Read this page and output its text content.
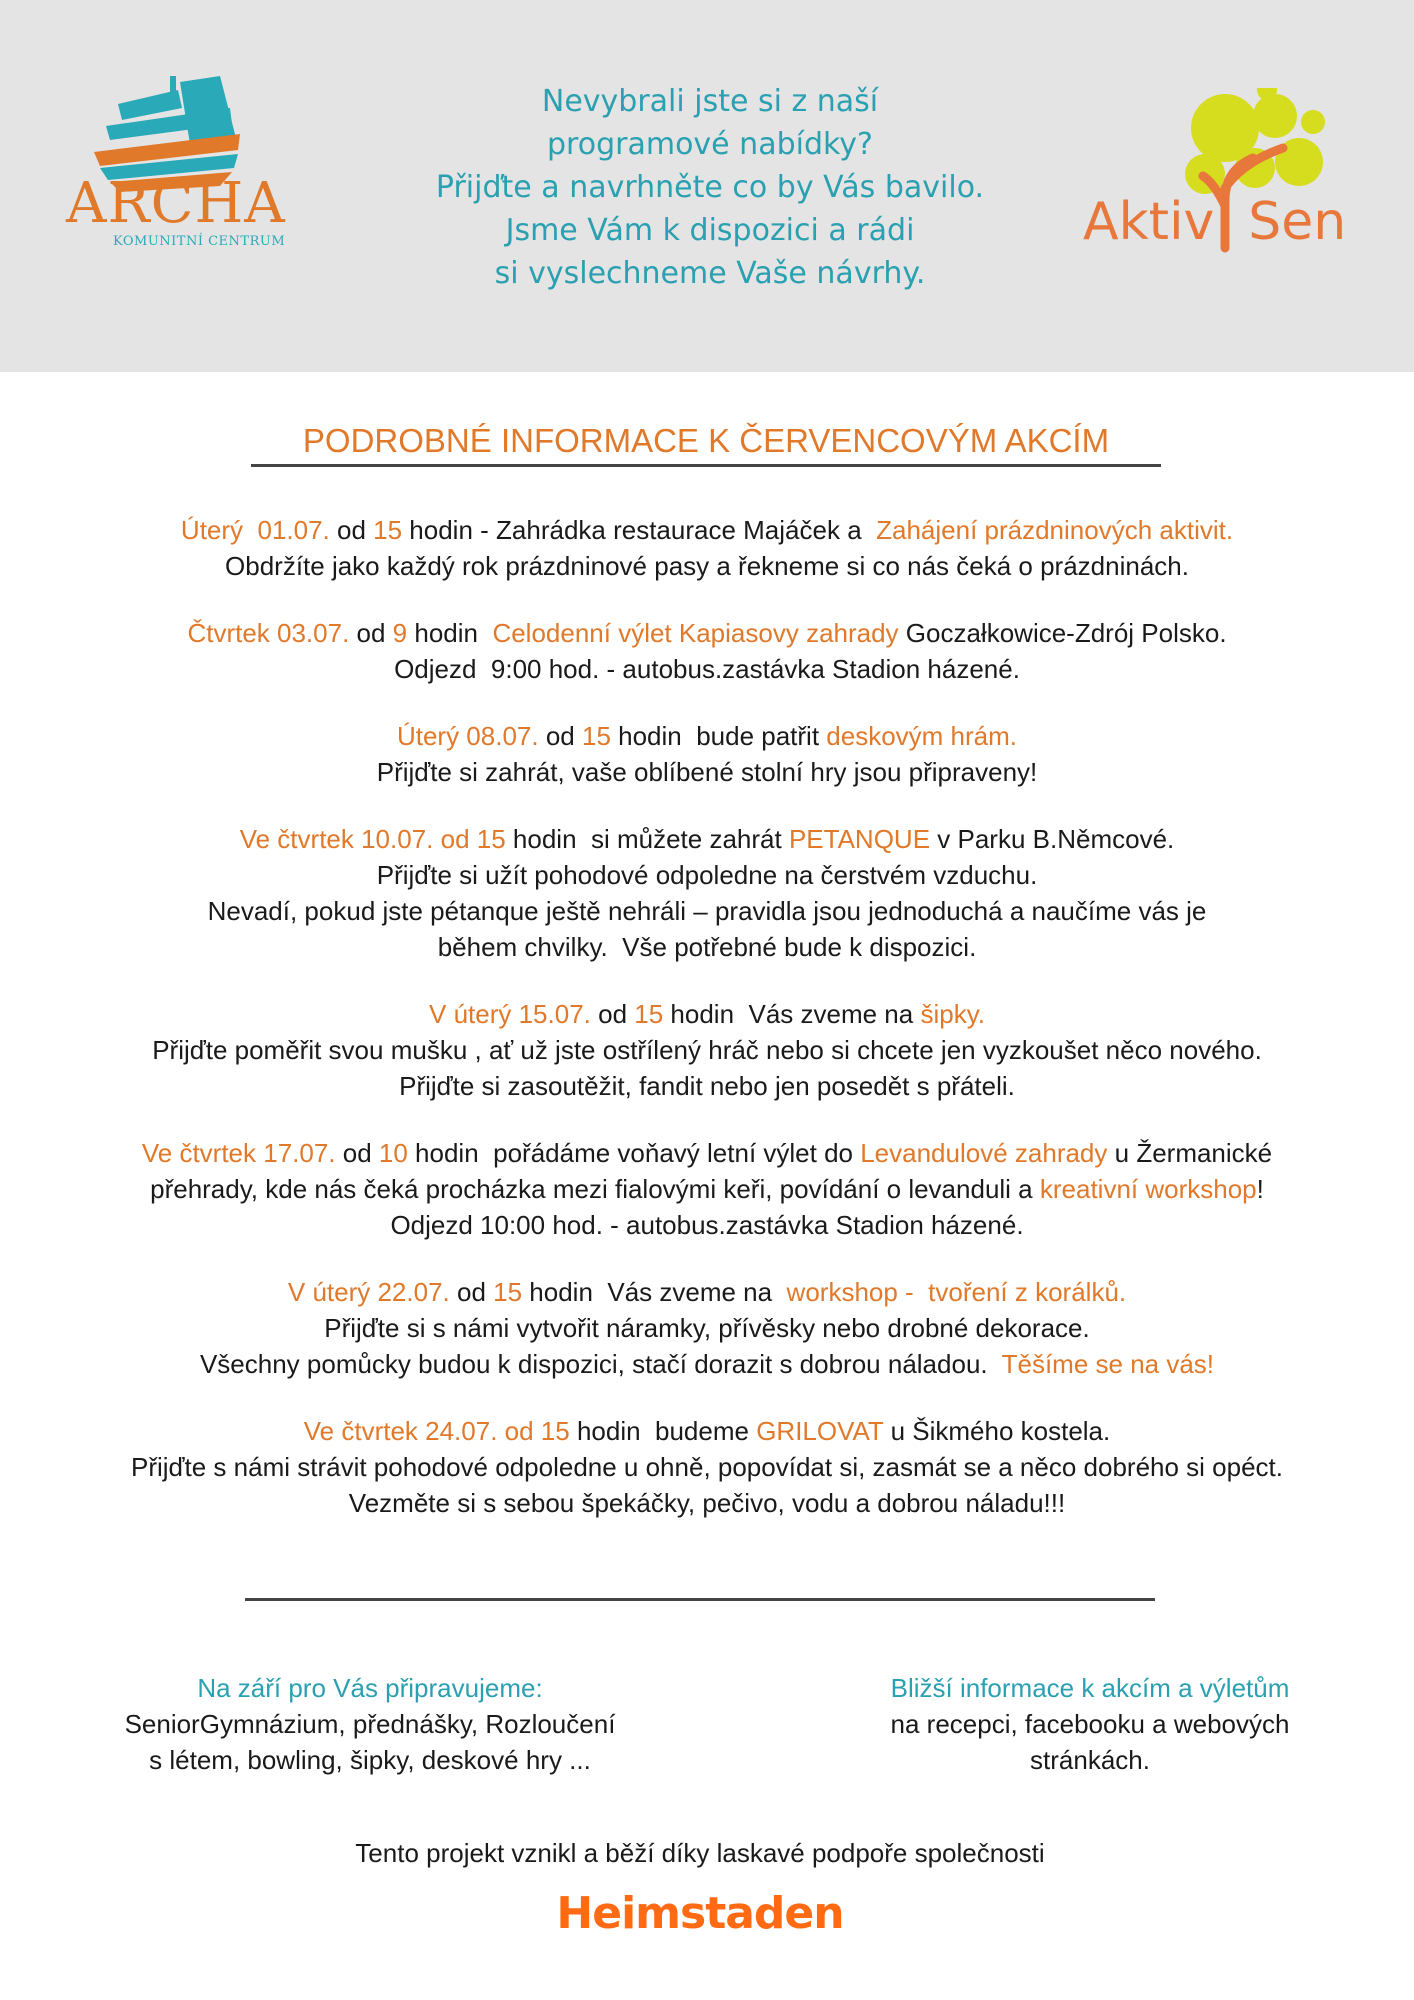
ARCHA
KOMUNITNÍ CENTRUM
Nevybrali jste si z naší
programové nabídky?
Přijďte a navrhněte co by Vás bavilo.
Jsme Vám k dispozici a rádi
si vyslechneme Vaše návrhy.
Aktiv Sen
PODROBNÉ INFORMACE K ČERVENCOVÝM AKCÍM
Úterý  01.07. od 15 hodin - Zahrádka restaurace Majáček a  Zahájení prázdninových aktivit.
Obdržíte jako každý rok prázdninové pasy a řekneme si co nás čeká o prázdninách.
Čtvrtek 03.07. od 9 hodin  Celodenní výlet Kapiasovy zahrady Goczałkowice-Zdrój Polsko.
Odjezd  9:00 hod. - autobus.zastávka Stadion házené.
Úterý 08.07. od 15 hodin  bude patřit deskovým hrám.
Přijďte si zahrát, vaše oblíbené stolní hry jsou připraveny!
Ve čtvrtek 10.07. od 15 hodin  si můžete zahrát PETANQUE v Parku B.Němcové.
Přijďte si užít pohodové odpoledne na čerstvém vzduchu.
Nevadí, pokud jste pétanque ještě nehráli – pravidla jsou jednoduchá a naučíme vás je
během chvilky.  Vše potřebné bude k dispozici.
V úterý 15.07. od 15 hodin  Vás zveme na šipky.
Přijďte poměřit svou mušku , ať už jste ostřílený hráč nebo si chcete jen vyzkoušet něco nového.
Přijďte si zasoutěžit, fandit nebo jen posedět s přáteli.
Ve čtvrtek 17.07. od 10 hodin  pořádáme voňavý letní výlet do Levandulové zahrady u Žermanické
přehrady, kde nás čeká procházka mezi fialovými keři, povídání o levanduli a kreativní workshop!
Odjezd 10:00 hod. - autobus.zastávka Stadion házené.
V úterý 22.07. od 15 hodin  Vás zveme na  workshop -  tvoření z korálků.
Přijďte si s námi vytvořit náramky, přívěsky nebo drobné dekorace.
Všechny pomůcky budou k dispozici, stačí dorazit s dobrou náladou.  Těšíme se na vás!
Ve čtvrtek 24.07. od 15 hodin  budeme GRILOVAT u Šikmého kostela.
Přijďte s námi strávit pohodové odpoledne u ohně, popovídat si, zasmát se a něco dobrého si opéct.
Vezměte si s sebou špekáčky, pečivo, vodu a dobrou náladu!!!
Na září pro Vás připravujeme:
SeniorGymnázium, přednášky, Rozloučení
s létem, bowling, šipky, deskové hry ...
Bližší informace k akcím a výletům
na recepci, facebooku a webových
stránkách.
Tento projekt vznikl a běží díky laskavé podpoře společnosti
Heimstaden
